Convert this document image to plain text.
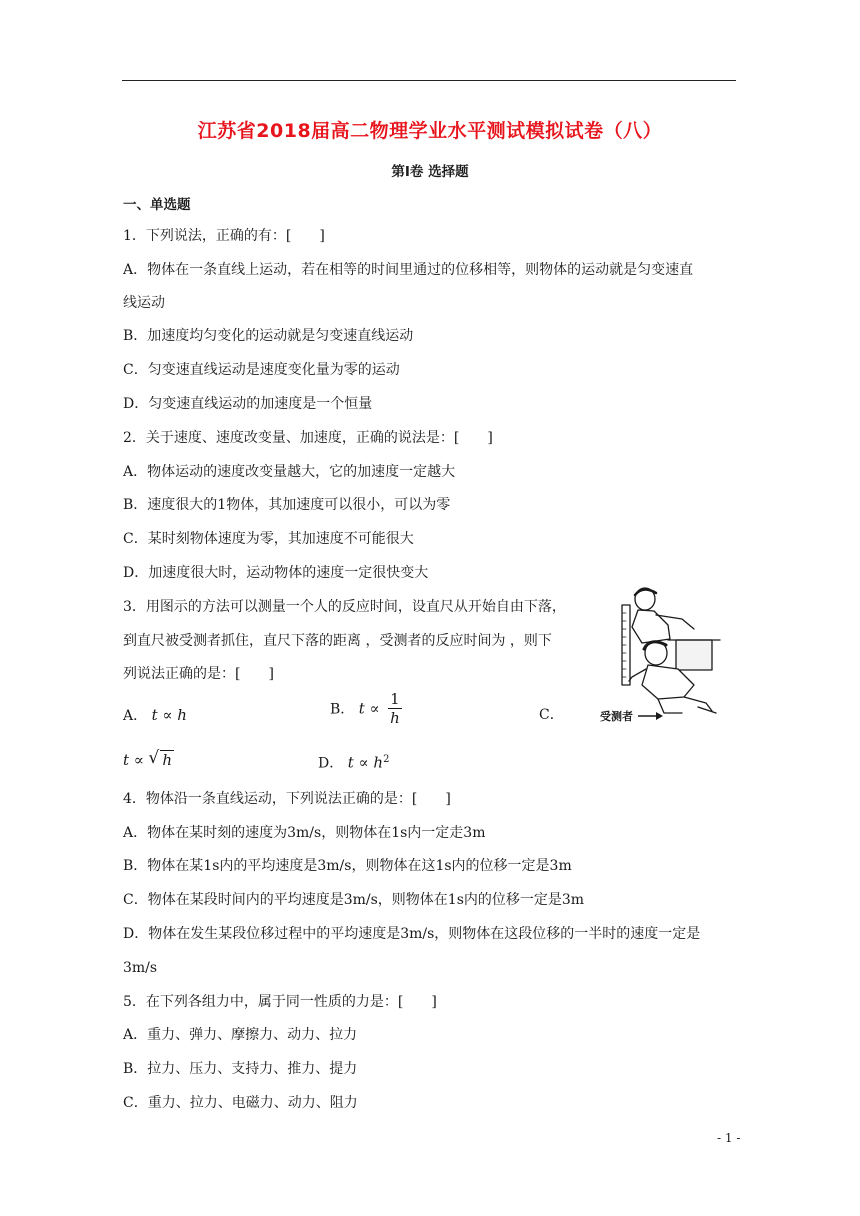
江苏省2018届高二物理学业水平测试模拟试卷（八）
第Ⅰ卷 选择题
一、单选题
1．下列说法，正确的有：[　　]
A．物体在一条直线上运动，若在相等的时间里通过的位移相等，则物体的运动就是匀变速直
线运动
B．加速度均匀变化的运动就是匀变速直线运动
C．匀变速直线运动是速度变化量为零的运动
D．匀变速直线运动的加速度是一个恒量
2．关于速度、速度改变量、加速度，正确的说法是：[　　]
A．物体运动的速度改变量越大，它的加速度一定越大
B．速度很大的1物体，其加速度可以很小，可以为零
C．某时刻物体速度为零，其加速度不可能很大
D．加速度很大时，运动物体的速度一定很快变大
3．用图示的方法可以测量一个人的反应时间，设直尺从开始自由下落，
到直尺被受测者抓住，直尺下落的距离 ，受测者的反应时间为 ，则下
列说法正确的是：[　　]
A． t ∝ h	B． $t \propto \frac{1}{h}$	C．
t ∝ √ h	D． $t \propto h^2$
受测者
4．物体沿一条直线运动，下列说法正确的是：[　　]
A．物体在某时刻的速度为3m/s，则物体在1s内一定走3m
B．物体在某1s内的平均速度是3m/s，则物体在这1s内的位移一定是3m
C．物体在某段时间内的平均速度是3m/s，则物体在1s内的位移一定是3m
D．物体在发生某段位移过程中的平均速度是3m/s，则物体在这段位移的一半时的速度一定是
3m/s
5．在下列各组力中，属于同一性质的力是：[　　]
A．重力、弹力、摩擦力、动力、拉力
B．拉力、压力、支持力、推力、提力
C．重力、拉力、电磁力、动力、阻力
- 1 -
